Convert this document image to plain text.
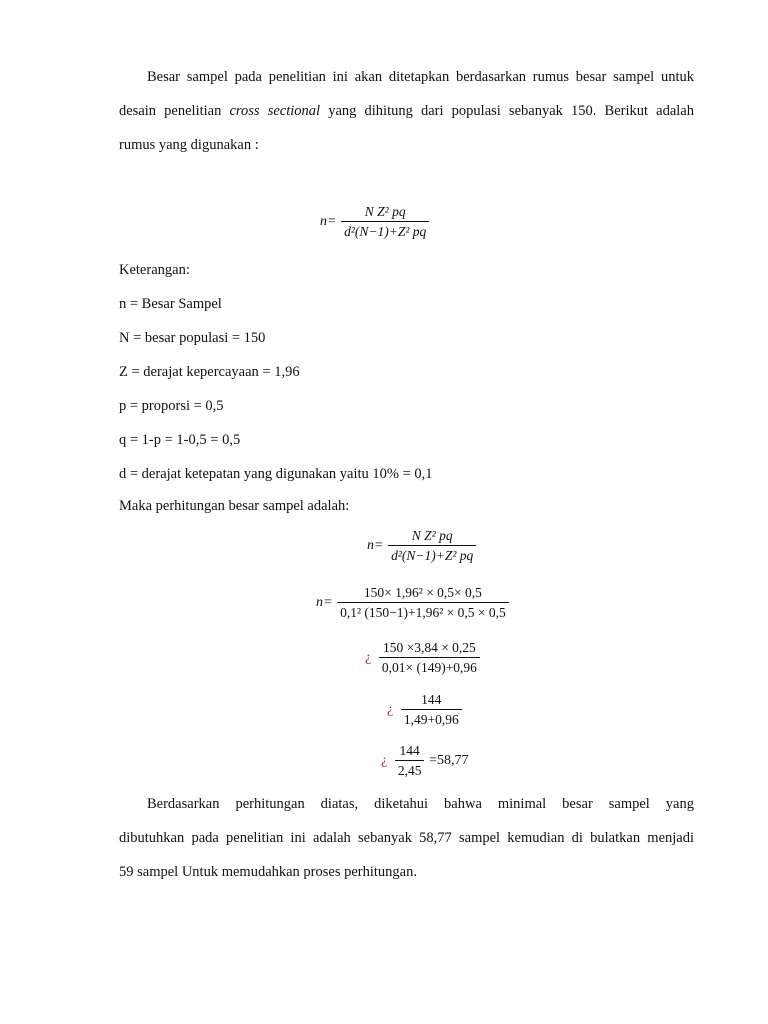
Besar sampel pada penelitian ini akan ditetapkan berdasarkan rumus besar sampel untuk
desain penelitian cross sectional yang dihitung dari populasi sebanyak 150. Berikut adalah
rumus yang digunakan :
$n= \frac{\text{N Z² pq}}{\text{d²(N−1)+Z² pq}}$
Keterangan:
n = Besar Sampel
N = besar populasi = 150
Z = derajat kepercayaan = 1,96
p = proporsi = 0,5
q = 1-p = 1-0,5 = 0,5
d = derajat ketepatan yang digunakan yaitu 10% = 0,1
Maka perhitungan besar sampel adalah:
$n= \frac{\text{N Z² pq}}{\text{d²(N−1)+Z² pq}}$
$n= \frac{\text{150× 1,96² × 0,5× 0,5}}{\text{0,1² (150−1)+1,96² × 0,5 × 0,5}}$
¿ $\frac{150 \times 3,84 \times 0,25}{0,01\times (149)+0,96}$
¿ $\frac{144}{1,49+0,96}$
¿ $\frac{144}{2,45} =58,77$
Berdasarkan perhitungan diatas, diketahui bahwa minimal besar sampel yang
dibutuhkan pada penelitian ini adalah sebanyak 58,77 sampel kemudian di bulatkan menjadi
59 sampel Untuk memudahkan proses perhitungan.
